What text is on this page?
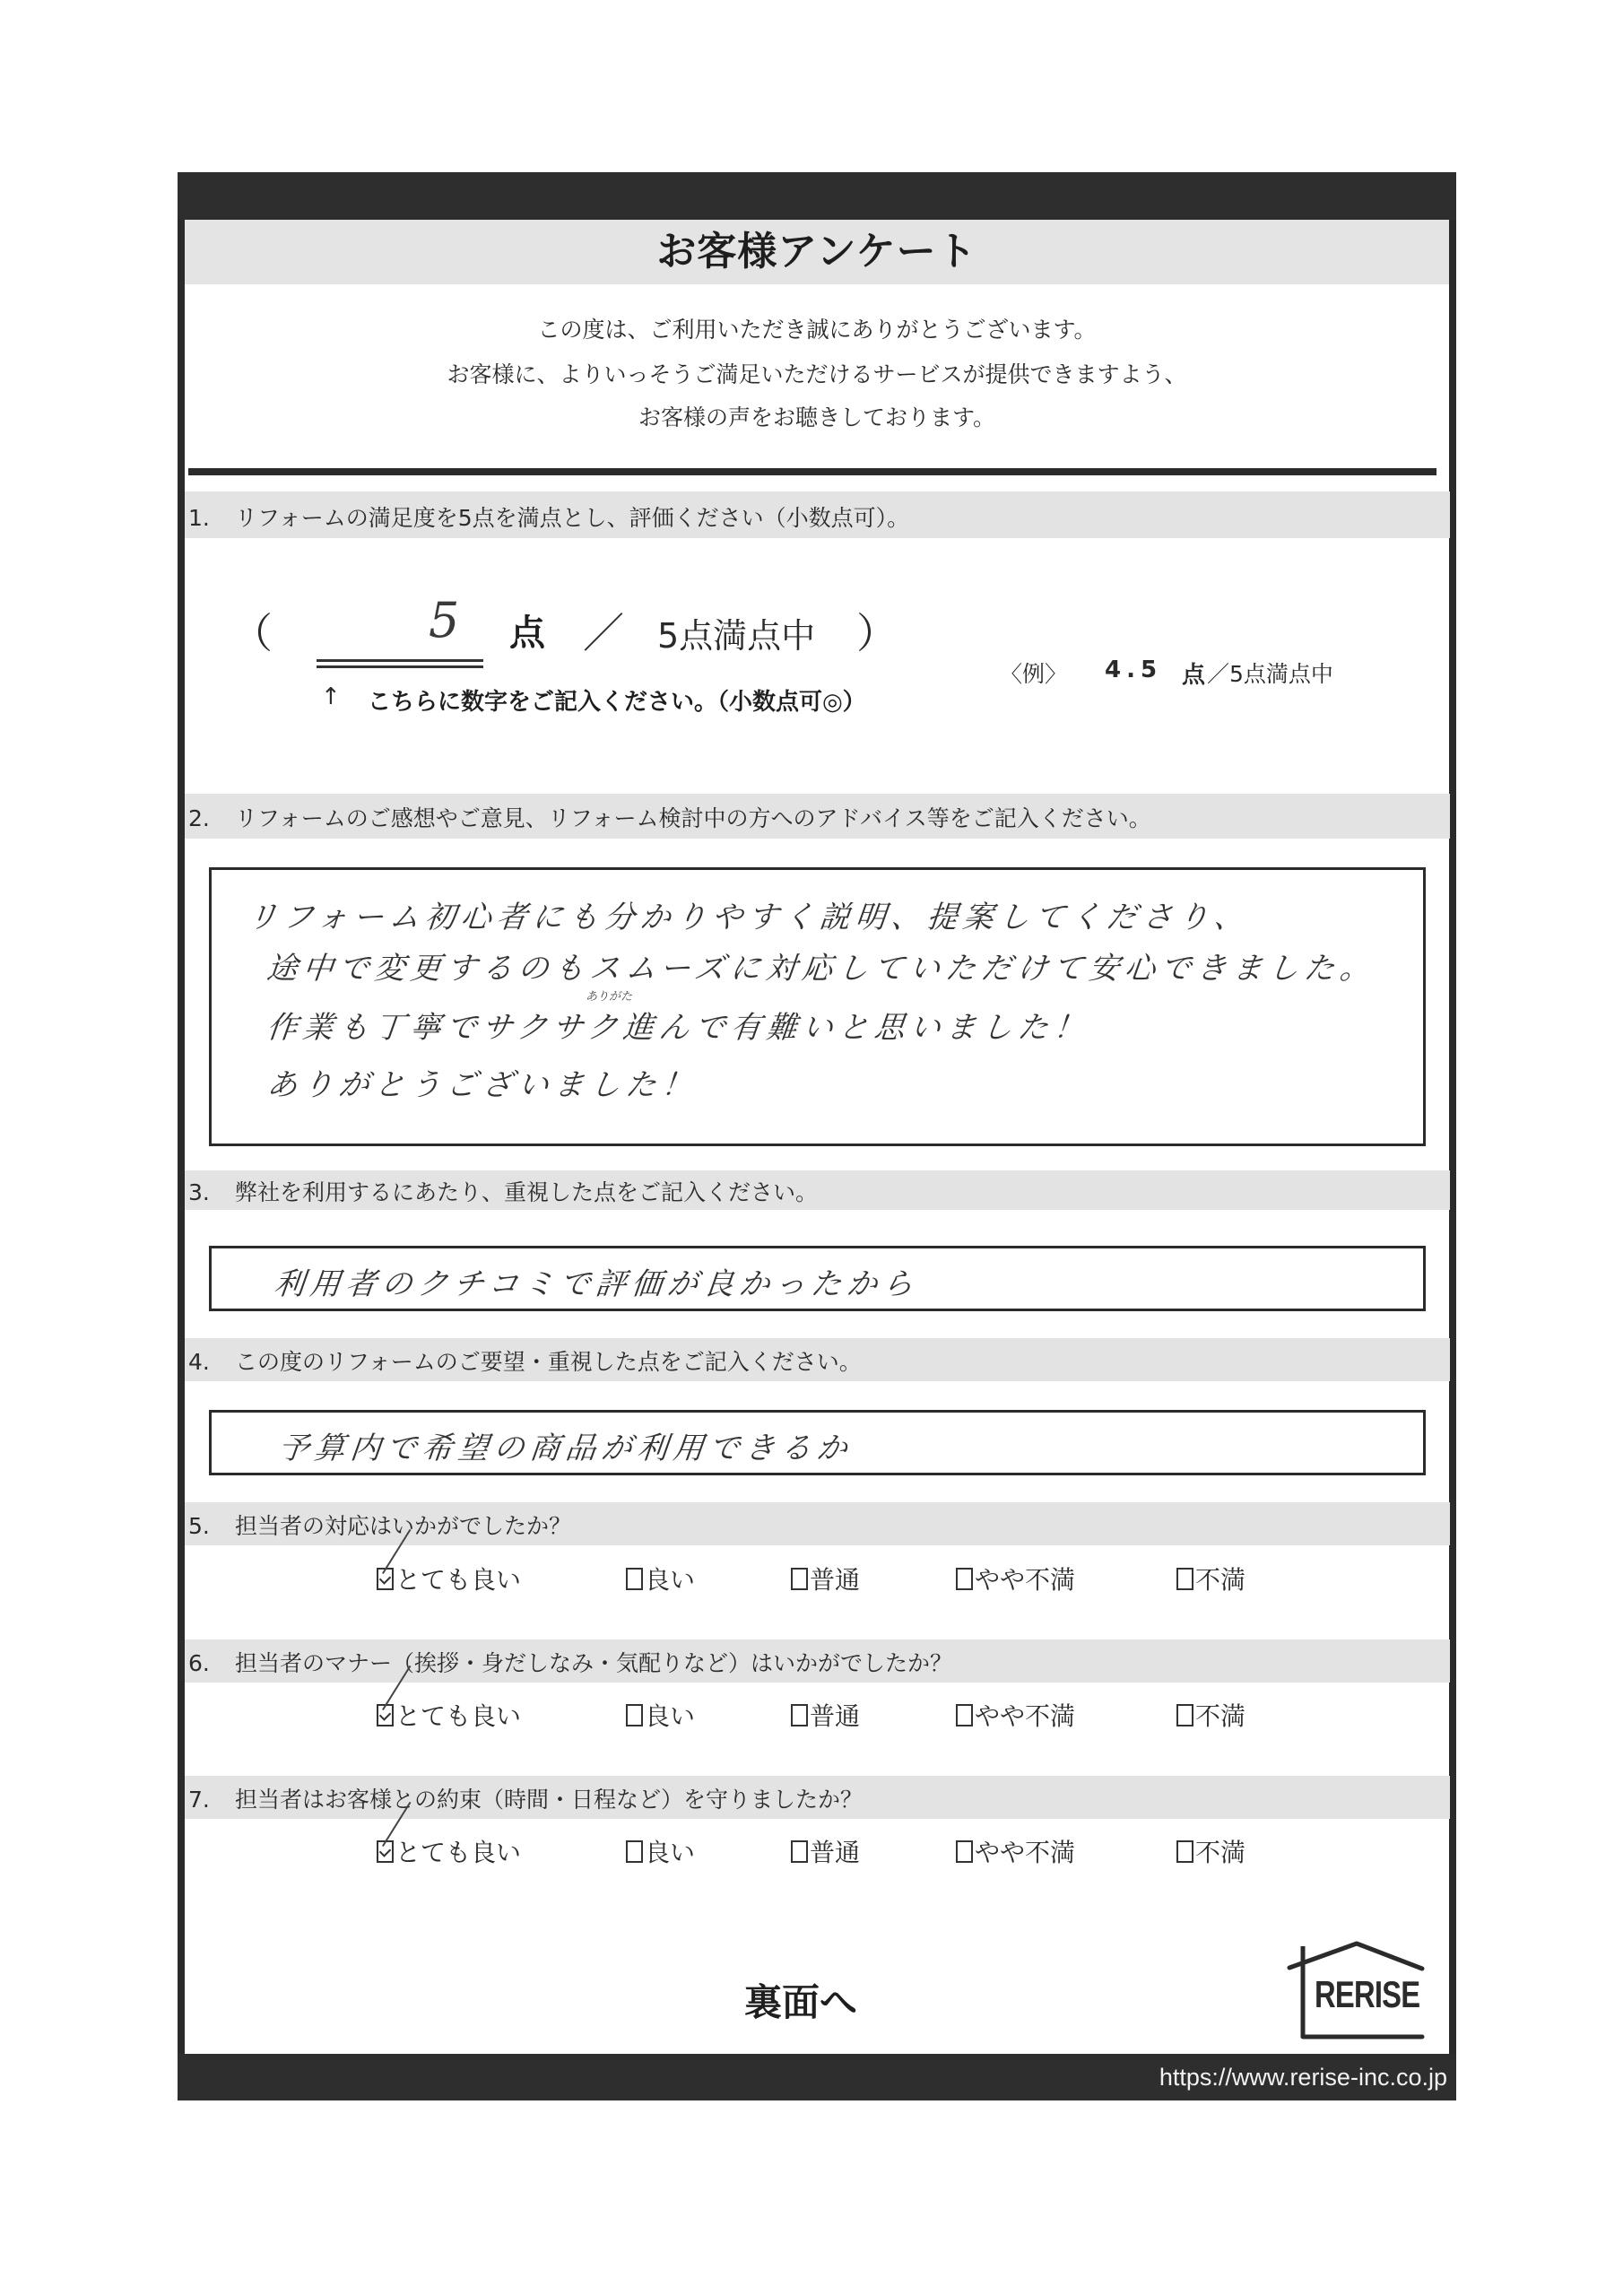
お客様アンケート
この度は、ご利用いただき誠にありがとうございます。
お客様に、よりいっそうご満足いただけるサービスが提供できますよう、
お客様の声をお聴きしております。
1. リフォームの満足度を5点を満点とし、評価ください（小数点可）。
（	5 点 ／ 5点満点中 ）
↑ こちらに数字をご記入ください。（小数点可◎）
〈例〉 4.5 点 ／5点満点中
2. リフォームのご感想やご意見、リフォーム検討中の方へのアドバイス等をご記入ください。
リフォーム初心者にも分かりやすく説明、提案してくださり、
途中で変更するのもスムーズに対応していただけて安心できました。
ありがた
作業も丁寧でサクサク進んで有難いと思いました！
ありがとうございました！
3. 弊社を利用するにあたり、重視した点をご記入ください。
利用者のクチコミで評価が良かったから
4. この度のリフォームのご要望・重視した点をご記入ください。
予算内で希望の商品が利用できるか
5. 担当者の対応はいかがでしたか？
とても良い	良い	普通	やや不満	不満
6. 担当者のマナー（挨拶・身だしなみ・気配りなど）はいかがでしたか？
とても良い	良い	普通	やや不満	不満
7. 担当者はお客様との約束（時間・日程など）を守りましたか？
とても良い	良い	普通	やや不満	不満
裏面へ	RERISE
https://www.rerise-inc.co.jp
